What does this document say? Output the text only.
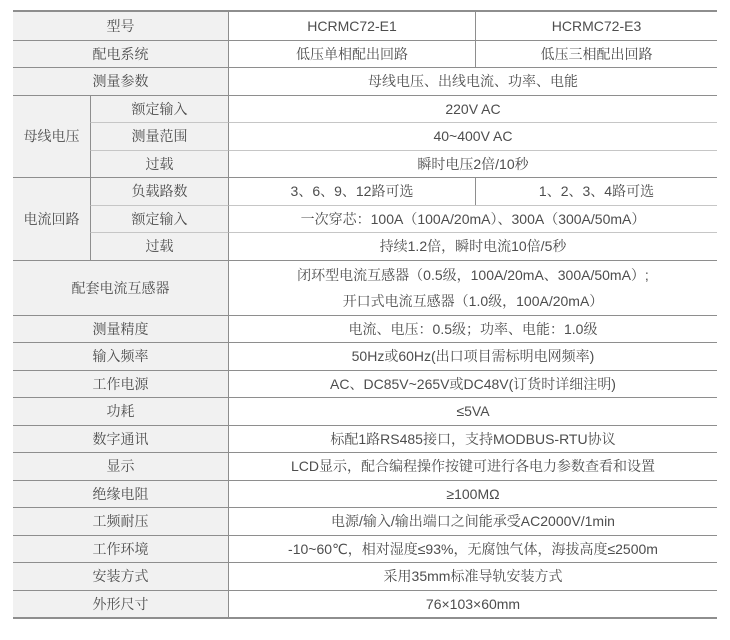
型号		HCRMC72-E1	HCRMC72-E3
配电系统		低压单相配出回路	低压三相配出回路
测量参数		母线电压、出线电流、功率、电能	
母线电压	额定输入	220V AC	
	测量范围	40~400V AC	
	过载	瞬时电压2倍/10秒	
电流回路	负载路数	3、6、9、12路可选	1、2、3、4路可选
	额定输入	一次穿芯：100A（100A/20mA）、300A（300A/50mA）	
	过载	持续1.2倍，瞬时电流10倍/5秒	
配套电流互感器		闭环型电流互感器（0.5级，100A/20mA、300A/50mA）;
开口式电流互感器（1.0级，100A/20mA）	

测量精度		电流、电压：0.5级；功率、电能：1.0级	
输入频率		50Hz或60Hz(出口项目需标明电网频率)	
工作电源		AC、DC85V~265V或DC48V(订货时详细注明)	
功耗		≤5VA	
数字通讯		标配1路RS485接口，支持MODBUS-RTU协议	
显示		LCD显示，配合编程操作按键可进行各电力参数查看和设置	
绝缘电阻		≥100MΩ	
工频耐压		电源/输入/输出端口之间能承受AC2000V/1min	
工作环境		-10~60℃，相对湿度≤93%，无腐蚀气体，海拔高度≤2500m	
安装方式		采用35mm标准导轨安装方式	
外形尺寸		76×103×60mm	
